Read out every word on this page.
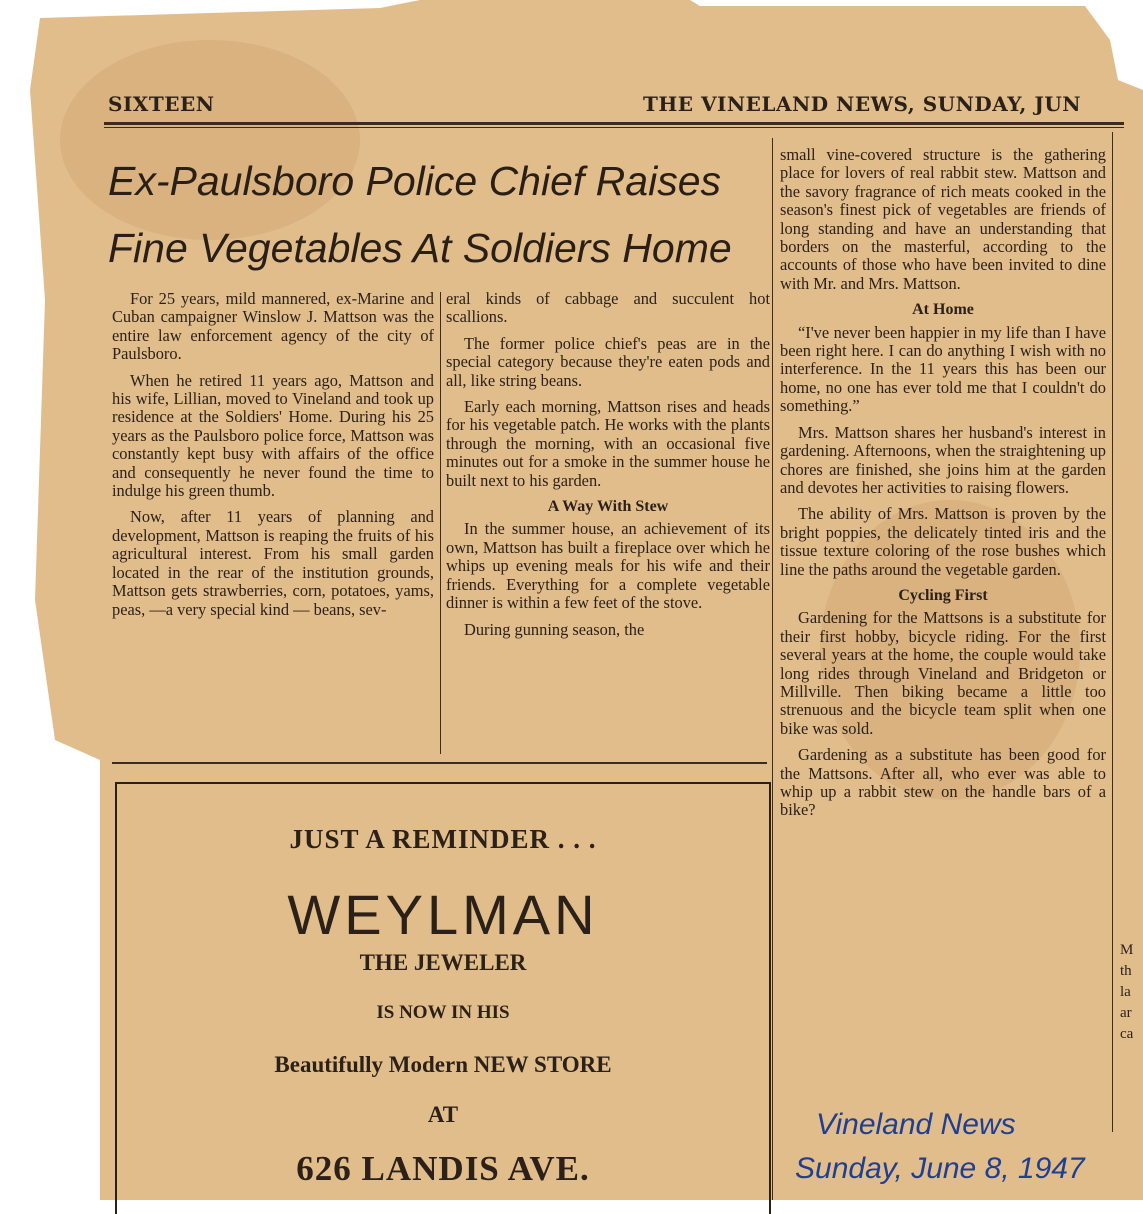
SIXTEEN	THE VINELAND NEWS, SUNDAY, JUN
Ex-Paulsboro Police Chief Raises
Fine Vegetables At Soldiers Home

For 25 years, mild mannered, ex-Marine and Cuban campaigner Winslow J. Mattson was the entire law enforcement agency of the city of Paulsboro.

When he retired 11 years ago, Mattson and his wife, Lillian, moved to Vineland and took up residence at the Soldiers' Home. During his 25 years as the Paulsboro police force, Mattson was constantly kept busy with affairs of the office and consequently he never found the time to indulge his green thumb.

Now, after 11 years of planning and development, Mattson is reaping the fruits of his agricultural interest. From his small garden located in the rear of the institution grounds, Mattson gets strawberries, corn, potatoes, yams, peas, —a very special kind — beans, sev-

eral kinds of cabbage and succulent hot scallions.

The former police chief's peas are in the special category because they're eaten pods and all, like string beans.

Early each morning, Mattson rises and heads for his vegetable patch. He works with the plants through the morning, with an occasional five minutes out for a smoke in the summer house he built next to his garden.

A Way With Stew

In the summer house, an achievement of its own, Mattson has built a fireplace over which he whips up evening meals for his wife and their friends. Everything for a complete vegetable dinner is within a few feet of the stove.

During gunning season, the

small vine-covered structure is the gathering place for lovers of real rabbit stew. Mattson and the savory fragrance of rich meats cooked in the season's finest pick of vegetables are friends of long standing and have an understanding that borders on the masterful, according to the accounts of those who have been invited to dine with Mr. and Mrs. Mattson.

At Home

“I've never been happier in my life than I have been right here. I can do anything I wish with no interference. In the 11 years this has been our home, no one has ever told me that I couldn't do something.”

Mrs. Mattson shares her husband's interest in gardening. Afternoons, when the straightening up chores are finished, she joins him at the garden and devotes her activities to raising flowers.

The ability of Mrs. Mattson is proven by the bright poppies, the delicately tinted iris and the tissue texture coloring of the rose bushes which line the paths around the vegetable garden.

Cycling First

Gardening for the Mattsons is a substitute for their first hobby, bicycle riding. For the first several years at the home, the couple would take long rides through Vineland and Bridgeton or Millville. Then biking became a little too strenuous and the bicycle team split when one bike was sold.

Gardening as a substitute has been good for the Mattsons. After all, who ever was able to whip up a rabbit stew on the handle bars of a bike?

M
th
la
ar
ca
JUST A REMINDER . . .
WEYLMAN
THE JEWELER
IS NOW IN HIS
Beautifully Modern NEW STORE
AT
626 LANDIS AVE.
Vineland News
Sunday, June 8, 1947
